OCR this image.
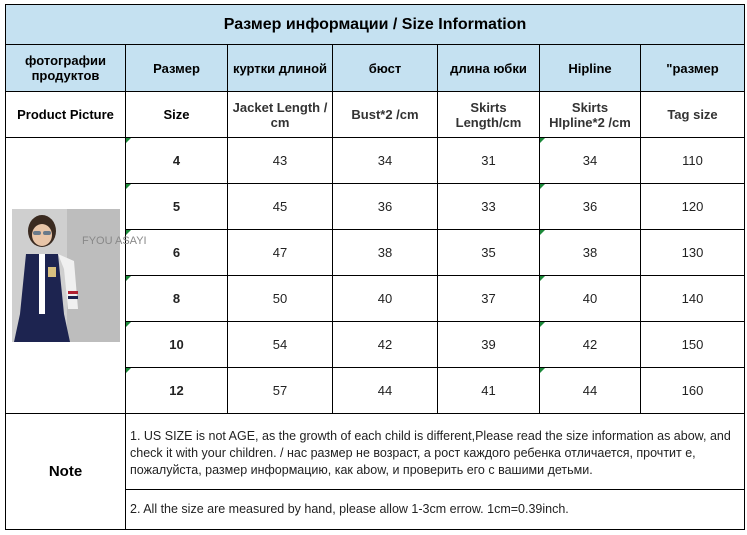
Размер информации / Size Information						
фотографии продуктов	Размер	куртки длиной	бюст	длина юбки	Hipline	"размер
Product Picture	Size	Jacket Length / cm	Bust*2 /cm	Skirts Length/cm	Skirts HIpline*2 /cm	Tag size

FYOU ASAYI	4	43	34	31	34	110

5	45	36	33	36	120

6	47	38	35	38	130

8	50	40	37	40	140

10	54	42	39	42	150

12	57	44	41	44	160
Note	1. US SIZE is not AGE, as the growth of each child is different,Please read the size information as abow, and check it with your children. / нас размер не возраст, а рост каждого ребенка отличается, прочтит е, пожалуйста, размер информацию, как abow, и проверить его с вашими детьми.					
	2. All the size are measured by hand, please allow 1-3cm errow. 1cm=0.39inch.					
